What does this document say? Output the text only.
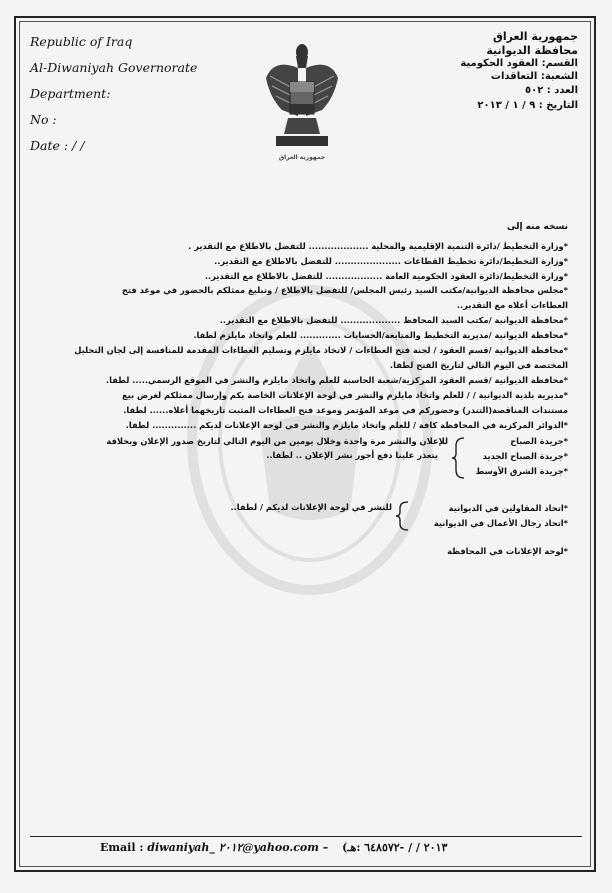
Republic of Iraq
Al-Diwaniyah Governorate
Department:
No :
Date : / /
جمهورية العراق
جمهورية العراق
محافظة الديوانية
القسم: العقود الحكومية
الشعبة: التعاقدات
العدد : ٥٠٢
التاريخ : ٩ / ١ / ٢٠١٣
نسخه منه إلى
*وزارة التخطيط /دائرة التنمية الإقليمية والمحلية ................... للتفضل بالاطلاع مع التقدير .
*وزارة التخطيط/دائرة تخطيط القطاعات ..................... للتفضل بالاطلاع مع التقدير..
*وزارة التخطيط/دائرة العقود الحكومية العامة .................. للتفضل بالاطلاع مع التقدير..
*مجلس محافظة الديوانية/مكتب السيد رئيس المجلس/ للتفضل بالاطلاع / وتبليغ ممثلكم بالحضور في موعد فتح
العطاءات أعلاه مع التقدير..
*محافظة الديوانية /مكتب السيد المحافظ ................... للتفضل بالاطلاع مع التقدير..
*محافظة الديوانية /مديرية التخطيط والمتابعة/الحسابات ............. للعلم واتخاذ مايلزم لطفا.
*محافظة الديوانية /قسم العقود / لجنة فتح العطاءات / لاتخاذ مايلزم وتسليم العطاءات المقدمة للمنافسة إلى لجان التحليل
المختصة في اليوم التالي لتاريخ الفتح لطفا.
*محافظة الديوانية /قسم العقود المركزية/شعبة الحاسبة للعلم واتخاذ مايلزم والنشر في الموقع الرسمي..... لطفا.
*مديرية بلدية الديوانية / / للعلم واتخاذ مايلزم والنشر في لوحة الإعلانات الخاصة بكم وإرسال ممثلكم لغرض بيع
مستندات المناقصة(التندر) وحضوركم في موعد المؤتمر وموعد فتح العطاءات المثبت تاريخهما أعلاه...... لطفا.
*الدوائر المركزية في المحافظة كافة / للعلم واتخاذ مايلزم والنشر في لوحة الإعلانات لديكم .............. لطفا.
*جريدة الصباح
*جريدة الصباح الجديد
*جريدة الشرق الأوسط
للإعلان والنشر مرة واحدة وخلال يومين من اليوم التالي لتاريخ صدور الإعلان وبخلافة
يتعذر علينا دفع أجور نشر الإعلان .. لطفا..
*اتحاد المقاولين في الديوانية
*اتحاد رجال الأعمال في الديوانية
للنشر في لوحة الإعلانات لديكم / لطفا..
*لوحة الإعلانات في المحافظة
Email : diwaniyah_ ٢٠١٢@yahoo.com – (٢٠١٣ / / -٦٤٨٥٧٢ :هـ
